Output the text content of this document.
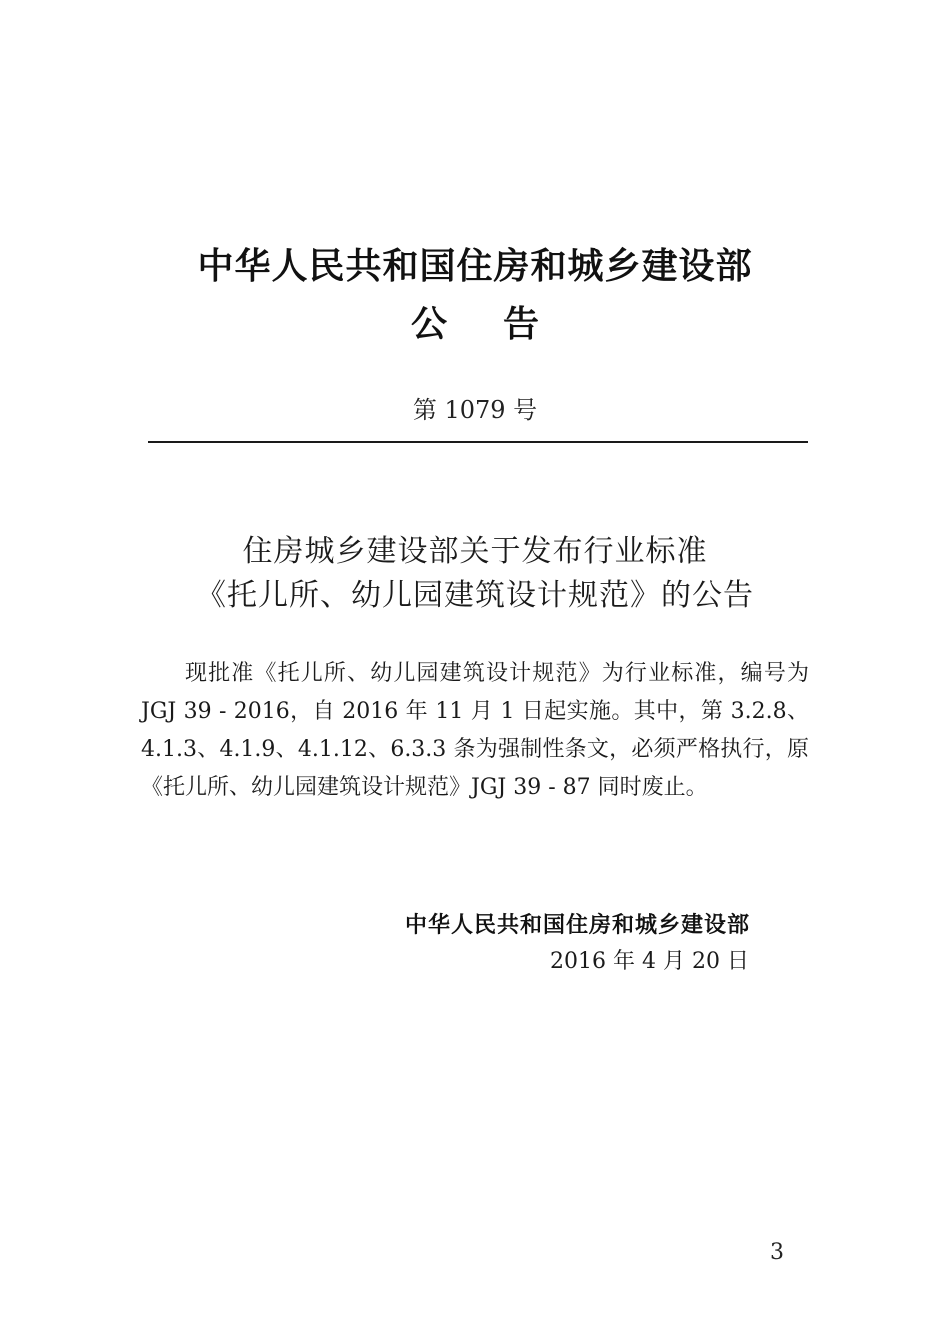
中华人民共和国住房和城乡建设部
公告
第 1079 号
住房城乡建设部关于发布行业标准
《托儿所、幼儿园建筑设计规范》的公告

现批准《托儿所、幼儿园建筑设计规范》为行业标准，编号为 JGJ 39 - 2016，自 2016 年 11 月 1 日起实施。其中，第 3.2.8、4.1.3、4.1.9、4.1.12、6.3.3 条为强制性条文，必须严格执行，原《托儿所、幼儿园建筑设计规范》JGJ 39 - 87 同时废止。

中华人民共和国住房和城乡建设部
2016 年 4 月 20 日
3
